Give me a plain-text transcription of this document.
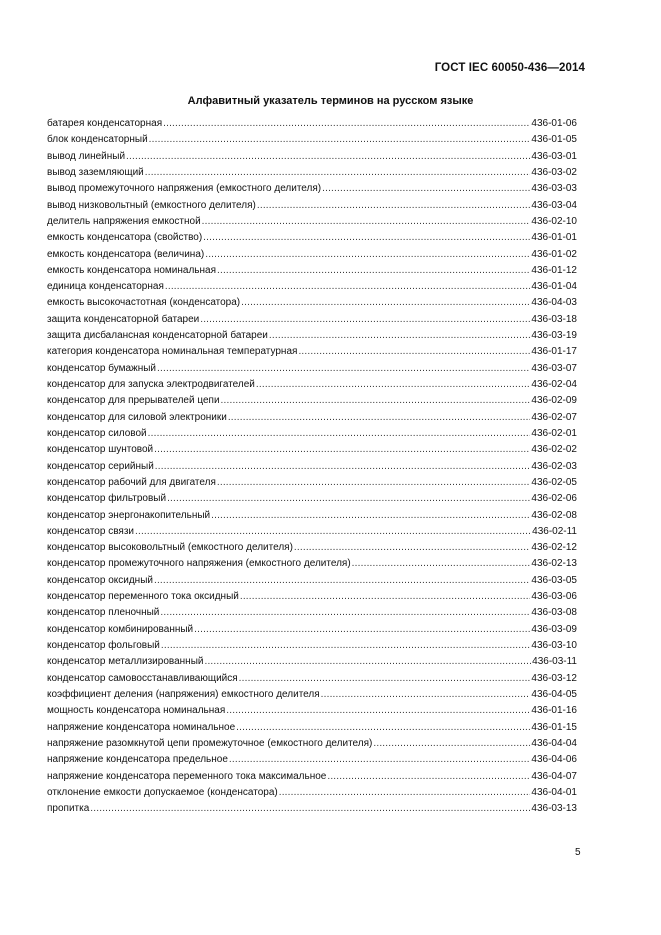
ГОСТ IEC 60050-436—2014
Алфавитный указатель терминов на русском языке
батарея конденсаторная .....	436-01-06
блок конденсаторный .....	436-01-05
вывод линейный .....	436-03-01
вывод заземляющий .....	436-03-02
вывод промежуточного напряжения (емкостного делителя) .....	436-03-03
вывод низковольтный (емкостного делителя) .....	436-03-04
делитель напряжения емкостной .....	436-02-10
емкость конденсатора (свойство) .....	436-01-01
емкость конденсатора (величина) .....	436-01-02
емкость конденсатора номинальная .....	436-01-12
единица конденсаторная .....	436-01-04
емкость высокочастотная (конденсатора) .....	436-04-03
защита конденсаторной батареи .....	436-03-18
защита дисбалансная конденсаторной батареи .....	436-03-19
категория конденсатора номинальная температурная .....	436-01-17
конденсатор бумажный .....	436-03-07
конденсатор для запуска электродвигателей .....	436-02-04
конденсатор для прерывателей цепи .....	436-02-09
конденсатор для силовой электроники .....	436-02-07
конденсатор силовой .....	436-02-01
конденсатор шунтовой .....	436-02-02
конденсатор серийный .....	436-02-03
конденсатор рабочий для двигателя .....	436-02-05
конденсатор фильтровый .....	436-02-06
конденсатор энергонакопительный .....	436-02-08
конденсатор связи .....	436-02-11
конденсатор высоковольтный (емкостного делителя) .....	436-02-12
конденсатор промежуточного напряжения (емкостного делителя) .....	436-02-13
конденсатор оксидный .....	436-03-05
конденсатор переменного тока оксидный .....	436-03-06
конденсатор пленочный .....	436-03-08
конденсатор комбинированный .....	436-03-09
конденсатор фольговый .....	436-03-10
конденсатор металлизированный .....	436-03-11
конденсатор самовосстанавливающийся .....	436-03-12
коэффициент деления (напряжения) емкостного делителя .....	436-04-05
мощность конденсатора номинальная .....	436-01-16
напряжение конденсатора номинальное .....	436-01-15
напряжение разомкнутой цепи промежуточное (емкостного делителя) .....	436-04-04
напряжение конденсатора предельное .....	436-04-06
напряжение конденсатора переменного тока максимальное .....	436-04-07
отклонение емкости допускаемое (конденсатора) .....	436-04-01
пропитка .....	436-03-13
5
